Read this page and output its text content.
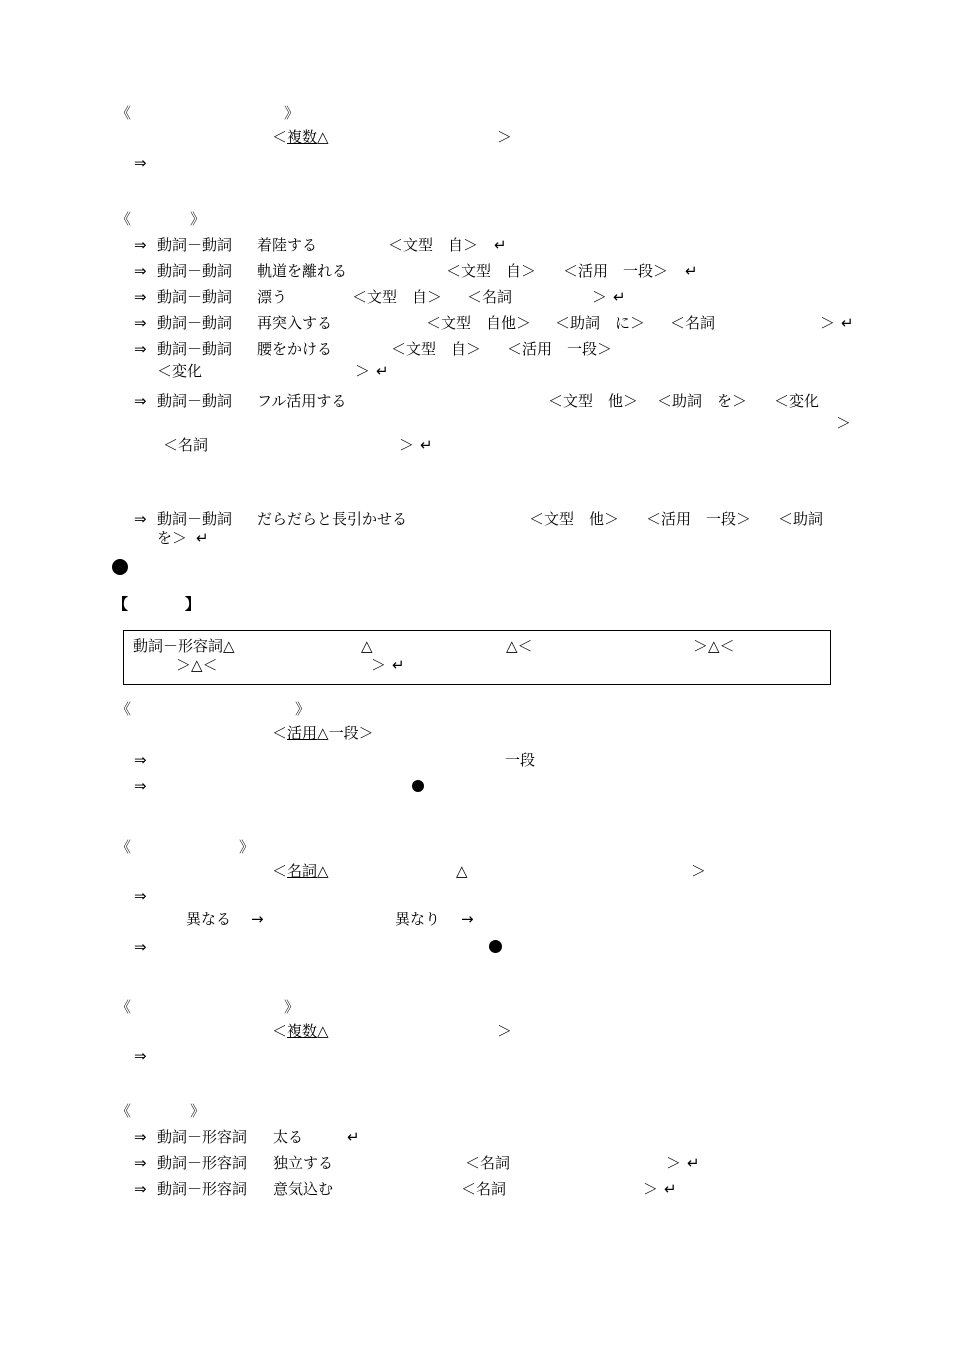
《	》
＜複数△	＞
⇒
《	》
⇒ 動詞－動詞 着陸する	＜文型　自＞ ↵
⇒ 動詞－動詞 軌道を離れる	＜文型　自＞ ＜活用　一段＞ ↵
⇒ 動詞－動詞 漂う	＜文型　自＞ ＜名詞	＞ ↵
⇒ 動詞－動詞 再突入する	＜文型　自他＞ ＜助詞　に＞ ＜名詞	＞ ↵
⇒ 動詞－動詞 腰をかける	＜文型　自＞ ＜活用　一段＞
＜変化	＞ ↵
⇒ 動詞－動詞 フル活用する	＜文型　他＞ ＜助詞　を＞ ＜変化
＞
＜名詞	＞ ↵
⇒ 動詞－動詞 だらだらと長引かせる	＜文型　他＞ ＜活用　一段＞ ＜助詞
を＞ ↵
【	】
動詞－形容詞△	△	△＜	＞△＜
＞△＜	＞ ↵
《	》
＜活用△一段＞
⇒	一段
⇒
《	》
＜名詞△	△	＞
⇒
異なる →	異なり →
⇒
《	》
＜複数△	＞
⇒
《	》
⇒ 動詞－形容詞 太る	↵
⇒ 動詞－形容詞 独立する	＜名詞	＞ ↵
⇒ 動詞－形容詞 意気込む	＜名詞	＞ ↵
